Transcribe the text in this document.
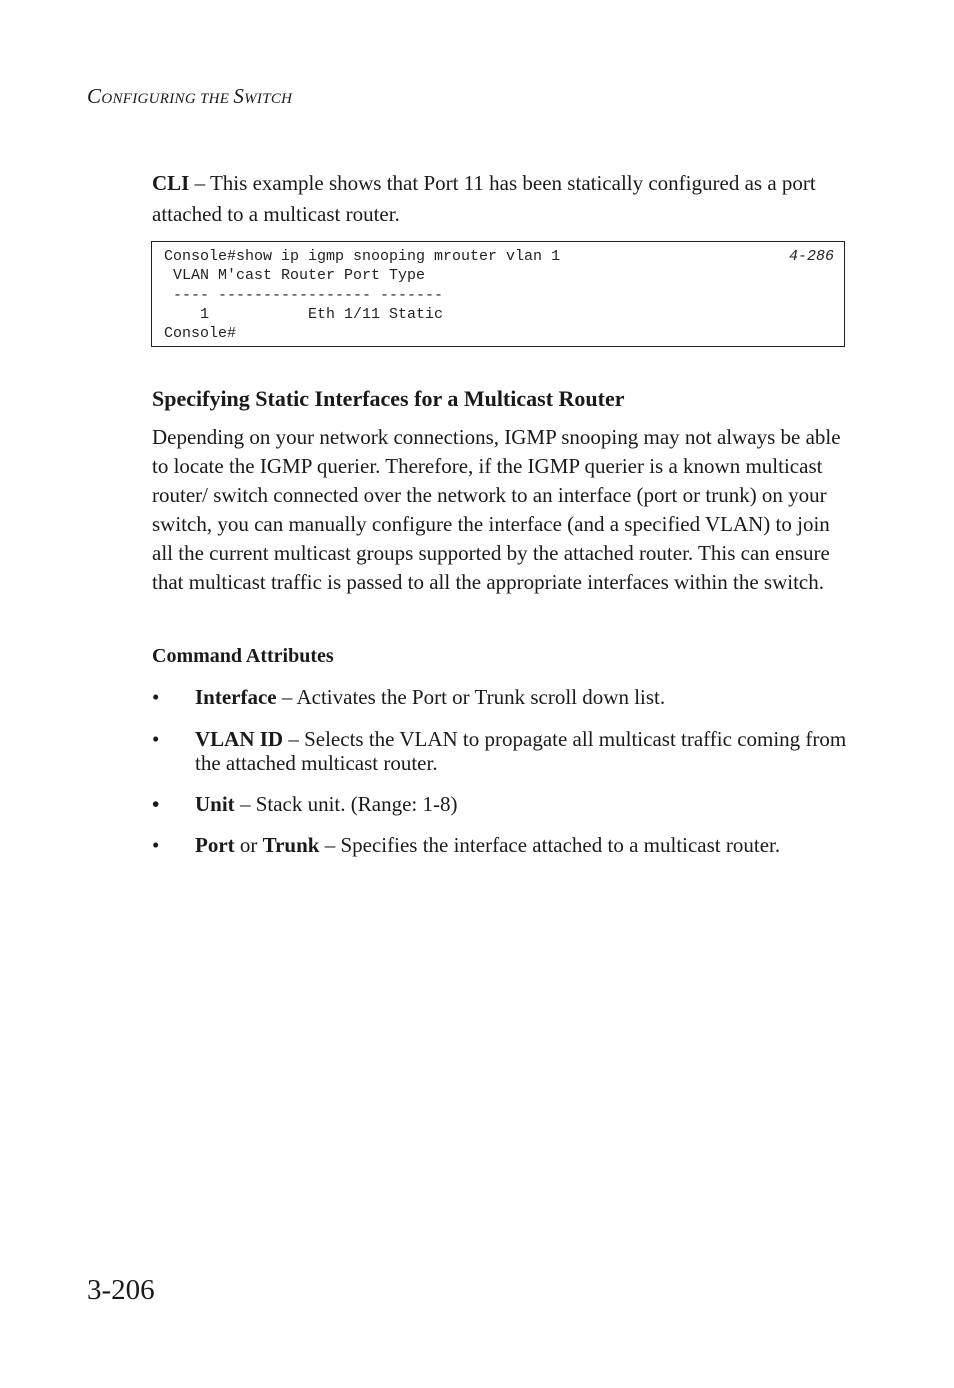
CONFIGURING THE SWITCH
CLI – This example shows that Port 11 has been statically configured as a port attached to a multicast router.
Console#show ip igmp snooping mrouter vlan 1
VLAN M'cast Router Port Type
---- ----------------- -------
1           Eth 1/11 Static
Console#
4-286
Specifying Static Interfaces for a Multicast Router
Depending on your network connections, IGMP snooping may not always be able to locate the IGMP querier. Therefore, if the IGMP querier is a known multicast router/ switch connected over the network to an interface (port or trunk) on your switch, you can manually configure the interface (and a specified VLAN) to join all the current multicast groups supported by the attached router. This can ensure that multicast traffic is passed to all the appropriate interfaces within the switch.
Command Attributes
•	Interface – Activates the Port or Trunk scroll down list.
•	VLAN ID – Selects the VLAN to propagate all multicast traffic coming from the attached multicast router.
•	Unit – Stack unit. (Range: 1-8)
•	Port or Trunk – Specifies the interface attached to a multicast router.
3-206
